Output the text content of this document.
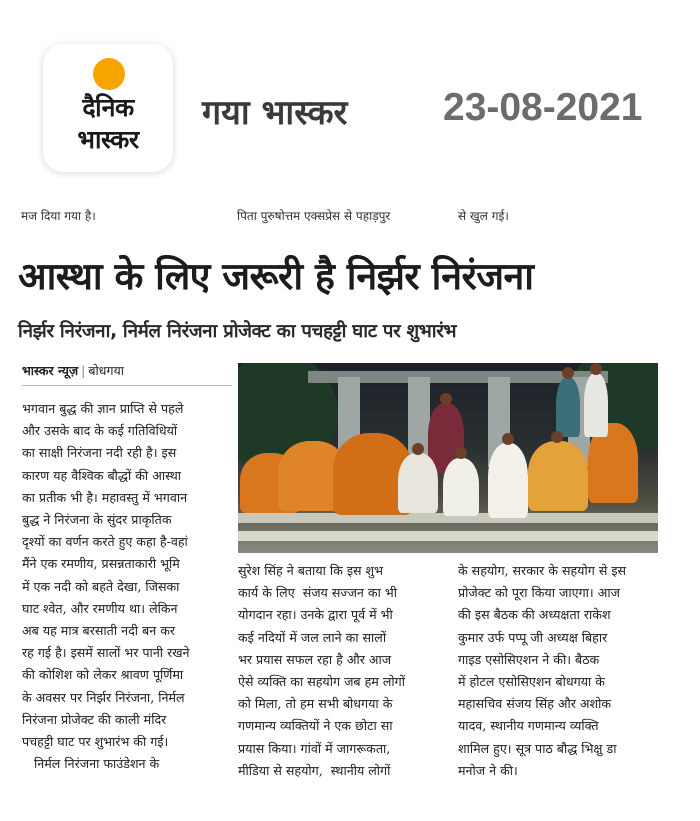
दैनिक
भास्कर
गया भास्कर 23-08-2021
मज दिया गया है।	पिता पुरुषोत्तम एक्सप्रेस से पहाड़पुर	से खुल गई।
आस्था के लिए जरूरी है निर्झर निरंजना
निर्झर निरंजना, निर्मल निरंजना प्रोजेक्ट का पचहट्टी घाट पर शुभारंभ
भास्कर न्यूज़ | बोधगया
भगवान बुद्ध की ज्ञान प्राप्ति से पहले
और उसके बाद के कई गतिविधियों
का साक्षी निरंजना नदी रही है। इस
कारण यह वैश्विक बौद्धों की आस्था
का प्रतीक भी है। महावस्तु में भगवान
बुद्ध ने निरंजना के सुंदर प्राकृतिक
दृश्यों का वर्णन करते हुए कहा है-वहां
मैंने एक रमणीय, प्रसन्नताकारी भूमि
में एक नदी को बहते देखा, जिसका
घाट श्वेत, और रमणीय था। लेकिन
अब यह मात्र बरसाती नदी बन कर
रह गई है। इसमें सालों भर पानी रखने
की कोशिश को लेकर श्रावण पूर्णिमा
के अवसर पर निर्झर निरंजना, निर्मल
निरंजना प्रोजेक्ट की काली मंदिर
पचहट्टी घाट पर शुभारंभ की गई।
निर्मल निरंजना फाउंडेशन के
सुरेश सिंह ने बताया कि इस शुभ
कार्य के लिए  संजय सज्जन का भी
योगदान रहा। उनके द्वारा पूर्व में भी
कई नदियों में जल लाने का सालों
भर प्रयास सफल रहा है और आज
ऐसे व्यक्ति का सहयोग जब हम लोगों
को मिला, तो हम सभी बोधगया के
गणमान्य व्यक्तियों ने एक छोटा सा
प्रयास किया। गांवों में जागरूकता,
मीडिया से सहयोग,  स्थानीय लोगों
के सहयोग, सरकार के सहयोग से इस
प्रोजेक्ट को पूरा किया जाएगा। आज
की इस बैठक की अध्यक्षता राकेश
कुमार उर्फ पप्पू जी अध्यक्ष बिहार
गाइड एसोसिएशन ने की। बैठक
में होटल एसोसिएशन बोधगया के
महासचिव संजय सिंह और अशोक
यादव, स्थानीय गणमान्य व्यक्ति
शामिल हुए। सूत्र पाठ बौद्ध भिक्षु डा
मनोज ने की।
